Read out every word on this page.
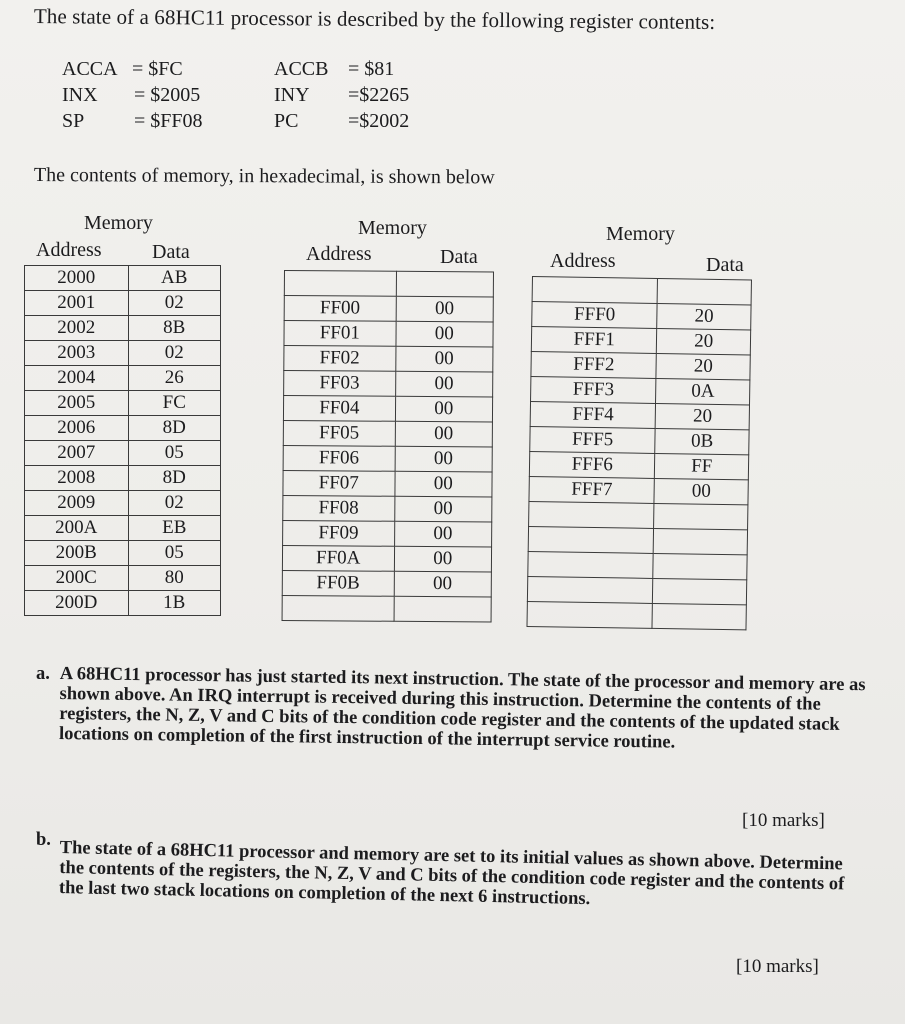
The state of a 68HC11 processor is described by the following register contents:
ACCA = $FC
INX = $2005
SP = $FF08
ACCB = $81
INY =$2265
PC =$2002
The contents of memory, in hexadecimal, is shown below
Memory
Address	Data
Memory
Address	Data
Memory
Address	Data
2000	AB
2001	02
2002	8B
2003	02
2004	26
2005	FC
2006	8D
2007	05
2008	8D
2009	02
200A	EB
200B	05
200C	80
200D	1B

FF00	00
FF01	00
FF02	00
FF03	00
FF04	00
FF05	00
FF06	00
FF07	00
FF08	00
FF09	00
FF0A	00
FF0B	00

FFF0	20
FFF1	20
FFF2	20
FFF3	0A
FFF4	20
FFF5	0B
FFF6	FF
FFF7	00

a. A 68HC11 processor has just started its next instruction. The state of the processor and memory are as shown above. An IRQ interrupt is received during this instruction. Determine the contents of the registers, the N, Z, V and C bits of the condition code register and the contents of the updated stack locations on completion of the first instruction of the interrupt service routine.
[10 marks]
b. The state of a 68HC11 processor and memory are set to its initial values as shown above. Determine the contents of the registers, the N, Z, V and C bits of the condition code register and the contents of the last two stack locations on completion of the next 6 instructions.
[10 marks]
